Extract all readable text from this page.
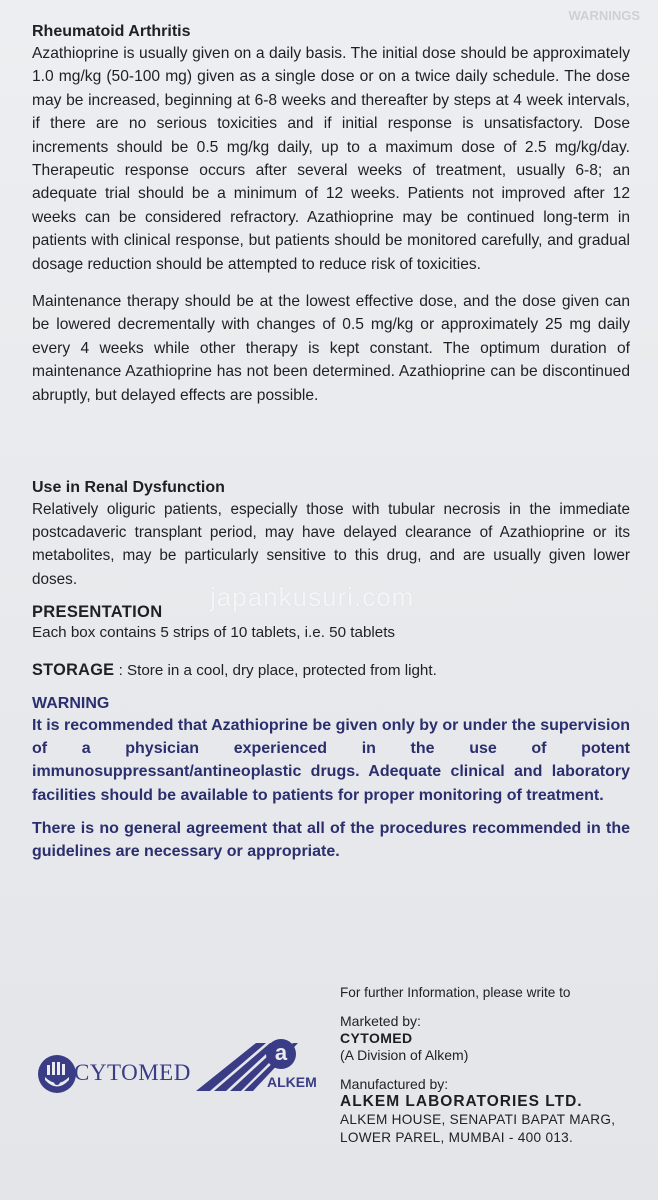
WARNINGS

Rheumatoid Arthritis

Azathioprine is usually given on a daily basis. The initial dose should be approximately 1.0 mg/kg (50-100 mg) given as a single dose or on a twice daily schedule. The dose may be increased, beginning at 6-8 weeks and thereafter by steps at 4 week intervals, if there are no serious toxicities and if initial response is unsatisfactory. Dose increments should be 0.5 mg/kg daily, up to a maximum dose of 2.5 mg/kg/day. Therapeutic response occurs after several weeks of treatment, usually 6-8; an adequate trial should be a minimum of 12 weeks. Patients not improved after 12 weeks can be considered refractory. Azathioprine may be continued long-term in patients with clinical response, but patients should be monitored carefully, and gradual dosage reduction should be attempted to reduce risk of toxicities.

Maintenance therapy should be at the lowest effective dose, and the dose given can be lowered decrementally with changes of 0.5 mg/kg or approximately 25 mg daily every 4 weeks while other therapy is kept constant. The optimum duration of maintenance Azathioprine has not been determined. Azathioprine can be discontinued abruptly, but delayed effects are possible.

Use in Renal Dysfunction

Relatively oliguric patients, especially those with tubular necrosis in the immediate postcadaveric transplant period, may have delayed clearance of Azathioprine or its metabolites, may be particularly sensitive to this drug, and are usually given lower doses.

PRESENTATION

Each box contains 5 strips of 10 tablets, i.e. 50 tablets

STORAGE : Store in a cool, dry place, protected from light.

WARNING

It is recommended that Azathioprine be given only by or under the supervision of a physician experienced in the use of potent immunosuppressant/antineoplastic drugs. Adequate clinical and laboratory facilities should be available to patients for proper monitoring of treatment.

There is no general agreement that all of the procedures recommended in the guidelines are necessary or appropriate.

japankusuri.com
CYTOMED
a
ALKEM

For further Information, please write to

Marketed by:

CYTOMED

(A Division of Alkem)

Manufactured by:

ALKEM LABORATORIES LTD.

ALKEM HOUSE, SENAPATI BAPAT MARG,

LOWER PAREL, MUMBAI - 400 013.
